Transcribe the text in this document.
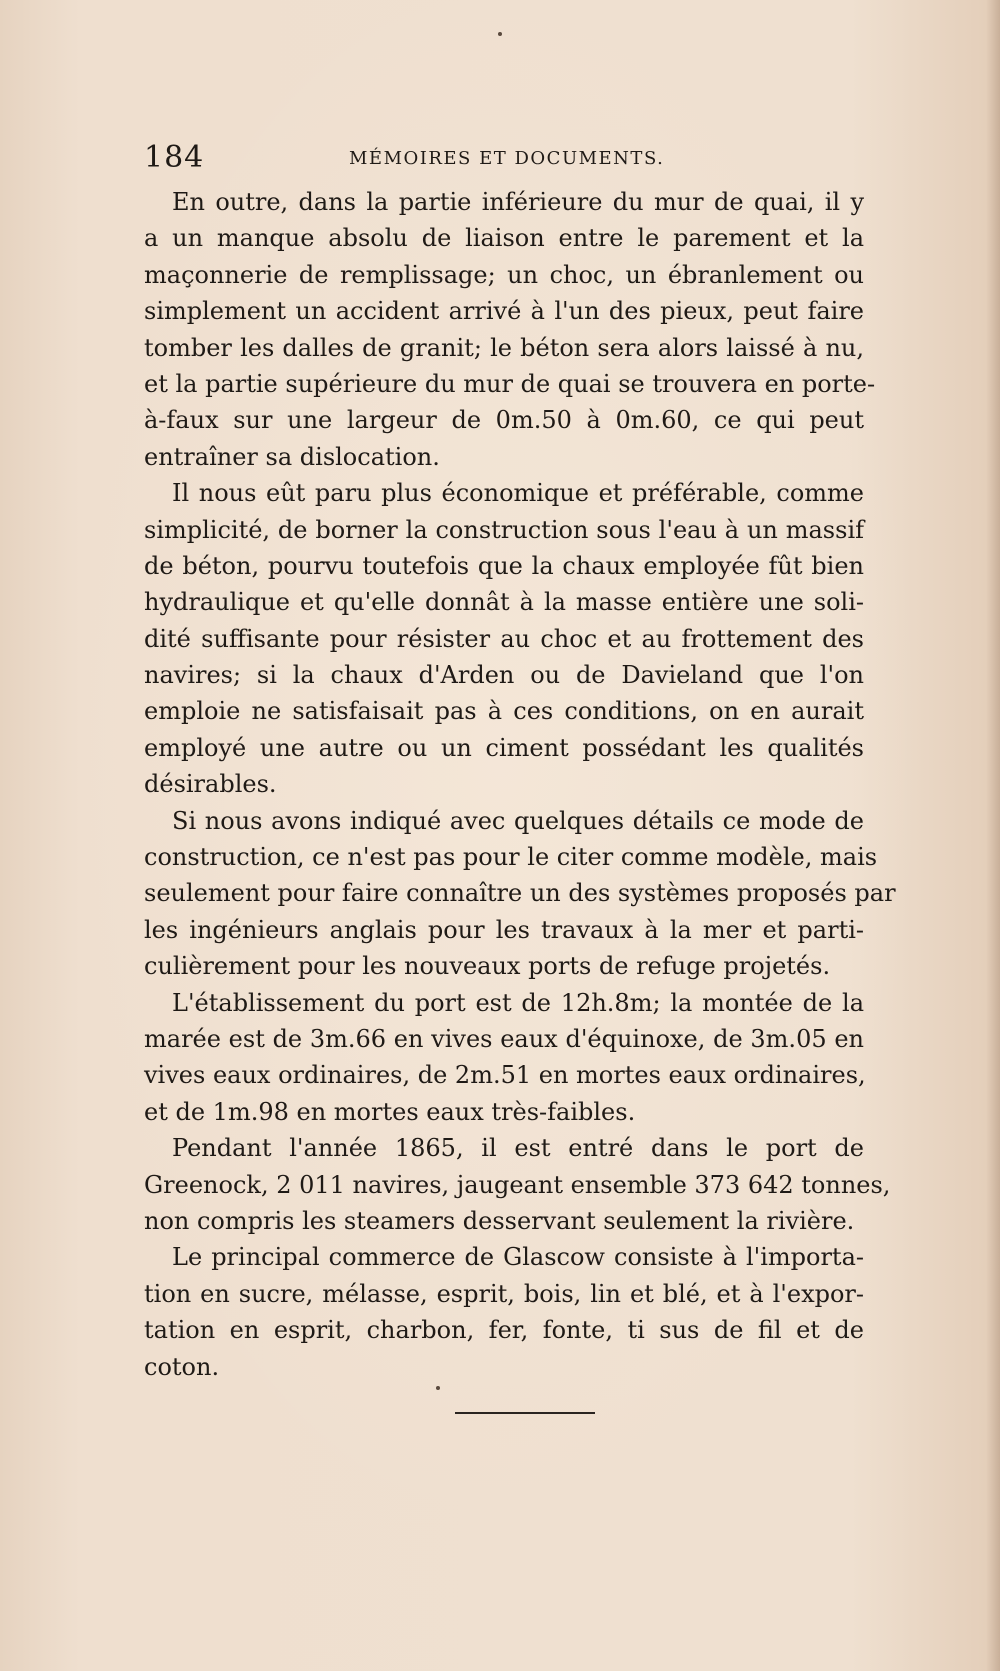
184	MÉMOIRES ET DOCUMENTS.
En outre, dans la partie inférieure du mur de quai, il y
a un manque absolu de liaison entre le parement et la
maçonnerie de remplissage; un choc, un ébranlement ou
simplement un accident arrivé à l'un des pieux, peut faire
tomber les dalles de granit; le béton sera alors laissé à nu,
et la partie supérieure du mur de quai se trouvera en porte-
à-faux sur une largeur de 0m.50 à 0m.60, ce qui peut
entraîner sa dislocation.
Il nous eût paru plus économique et préférable, comme
simplicité, de borner la construction sous l'eau à un massif
de béton, pourvu toutefois que la chaux employée fût bien
hydraulique et qu'elle donnât à la masse entière une soli-
dité suffisante pour résister au choc et au frottement des
navires; si la chaux d'Arden ou de Davieland que l'on
emploie ne satisfaisait pas à ces conditions, on en aurait
employé une autre ou un ciment possédant les qualités
désirables.
Si nous avons indiqué avec quelques détails ce mode de
construction, ce n'est pas pour le citer comme modèle, mais
seulement pour faire connaître un des systèmes proposés par
les ingénieurs anglais pour les travaux à la mer et parti-
culièrement pour les nouveaux ports de refuge projetés.
L'établissement du port est de 12h.8m; la montée de la
marée est de 3m.66 en vives eaux d'équinoxe, de 3m.05 en
vives eaux ordinaires, de 2m.51 en mortes eaux ordinaires,
et de 1m.98 en mortes eaux très-faibles.
Pendant l'année 1865, il est entré dans le port de
Greenock, 2 011 navires, jaugeant ensemble 373 642 tonnes,
non compris les steamers desservant seulement la rivière.
Le principal commerce de Glascow consiste à l'importa-
tion en sucre, mélasse, esprit, bois, lin et blé, et à l'expor-
tation en esprit, charbon, fer, fonte, ti sus de fil et de
coton.
